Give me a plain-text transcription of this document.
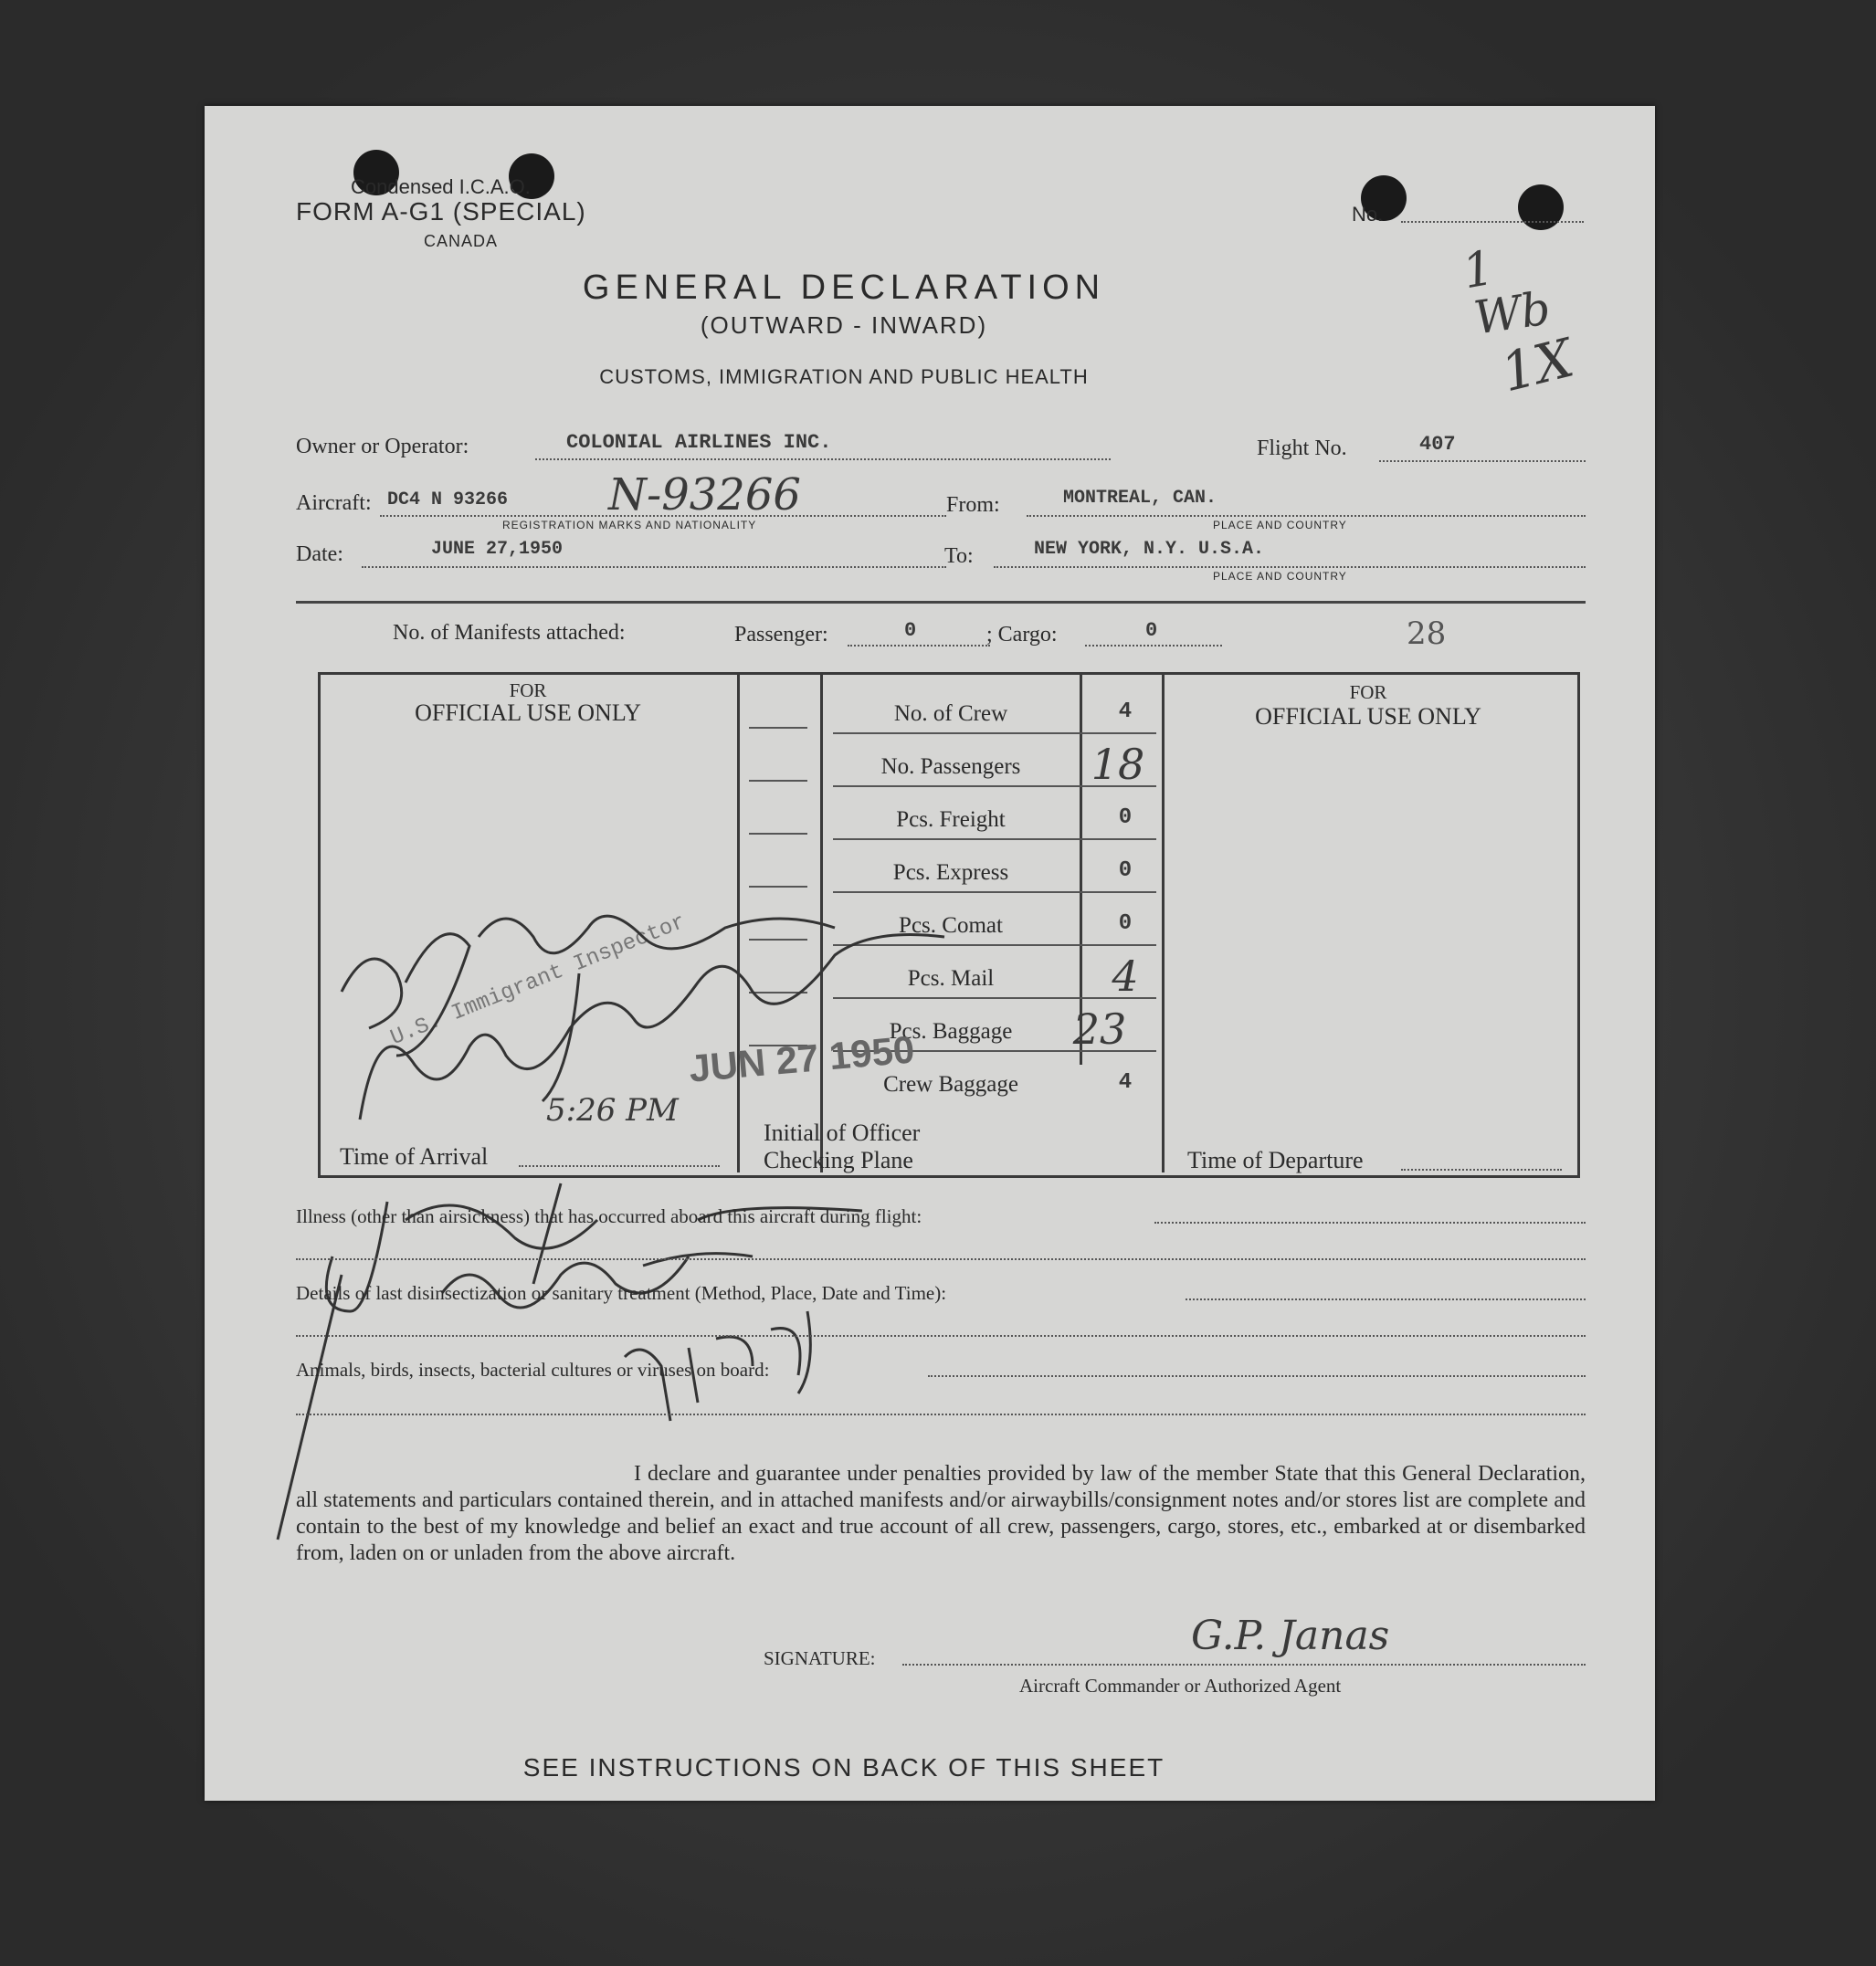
Condensed I.C.A.O.
FORM A-G1 (SPECIAL)
CANADA
No.
1
Wb
1X
GENERAL DECLARATION
(OUTWARD - INWARD)
CUSTOMS, IMMIGRATION AND PUBLIC HEALTH
Owner or Operator:	COLONIAL AIRLINES INC.	Flight No.	407
Aircraft: DC4 N 93266 N-93266
REGISTRATION MARKS AND NATIONALITY
From:	MONTREAL, CAN.
PLACE AND COUNTRY
Date:	JUNE 27,1950	To:	NEW YORK, N.Y. U.S.A.
PLACE AND COUNTRY
No. of Manifests attached:	Passenger:	0	; Cargo:	0	28
FOR
OFFICIAL USE ONLY
FOR
OFFICIAL USE ONLY
No. of Crew	4
No. Passengers	18
Pcs. Freight	0
Pcs. Express	0
Pcs. Comat	0
Pcs. Mail	4
Pcs. Baggage	23
Crew Baggage	4
U.S. Immigrant Inspector
JUN 27 1950
Time of Arrival
5:26 PM
Initial of Officer
Checking Plane	Time of Departure
Illness (other than airsickness) that has occurred aboard this aircraft during flight:
Details of last disinsectization or sanitary treatment (Method, Place, Date and Time):
Animals, birds, insects, bacterial cultures or viruses on board:
I declare and guarantee under penalties provided by law of the member State that this General Declaration, all statements and particulars contained therein, and in attached manifests and/or airwaybills/consignment notes and/or stores list are complete and contain to the best of my knowledge and belief an exact and true account of all crew, passengers, cargo, stores, etc., embarked at or disembarked from, laden on or unladen from the above aircraft.
SIGNATURE:	G.P. Janas
Aircraft Commander or Authorized Agent
SEE INSTRUCTIONS ON BACK OF THIS SHEET
